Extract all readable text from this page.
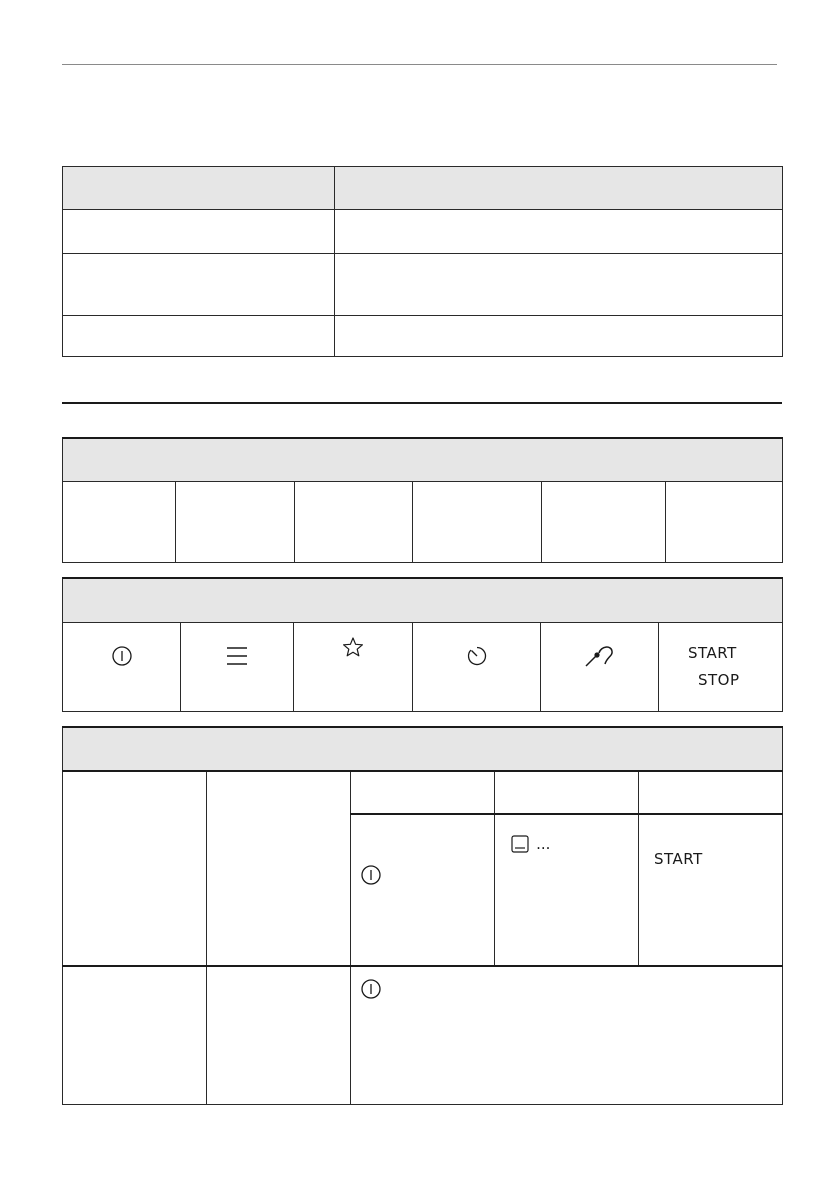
START
STOP

	...	START
